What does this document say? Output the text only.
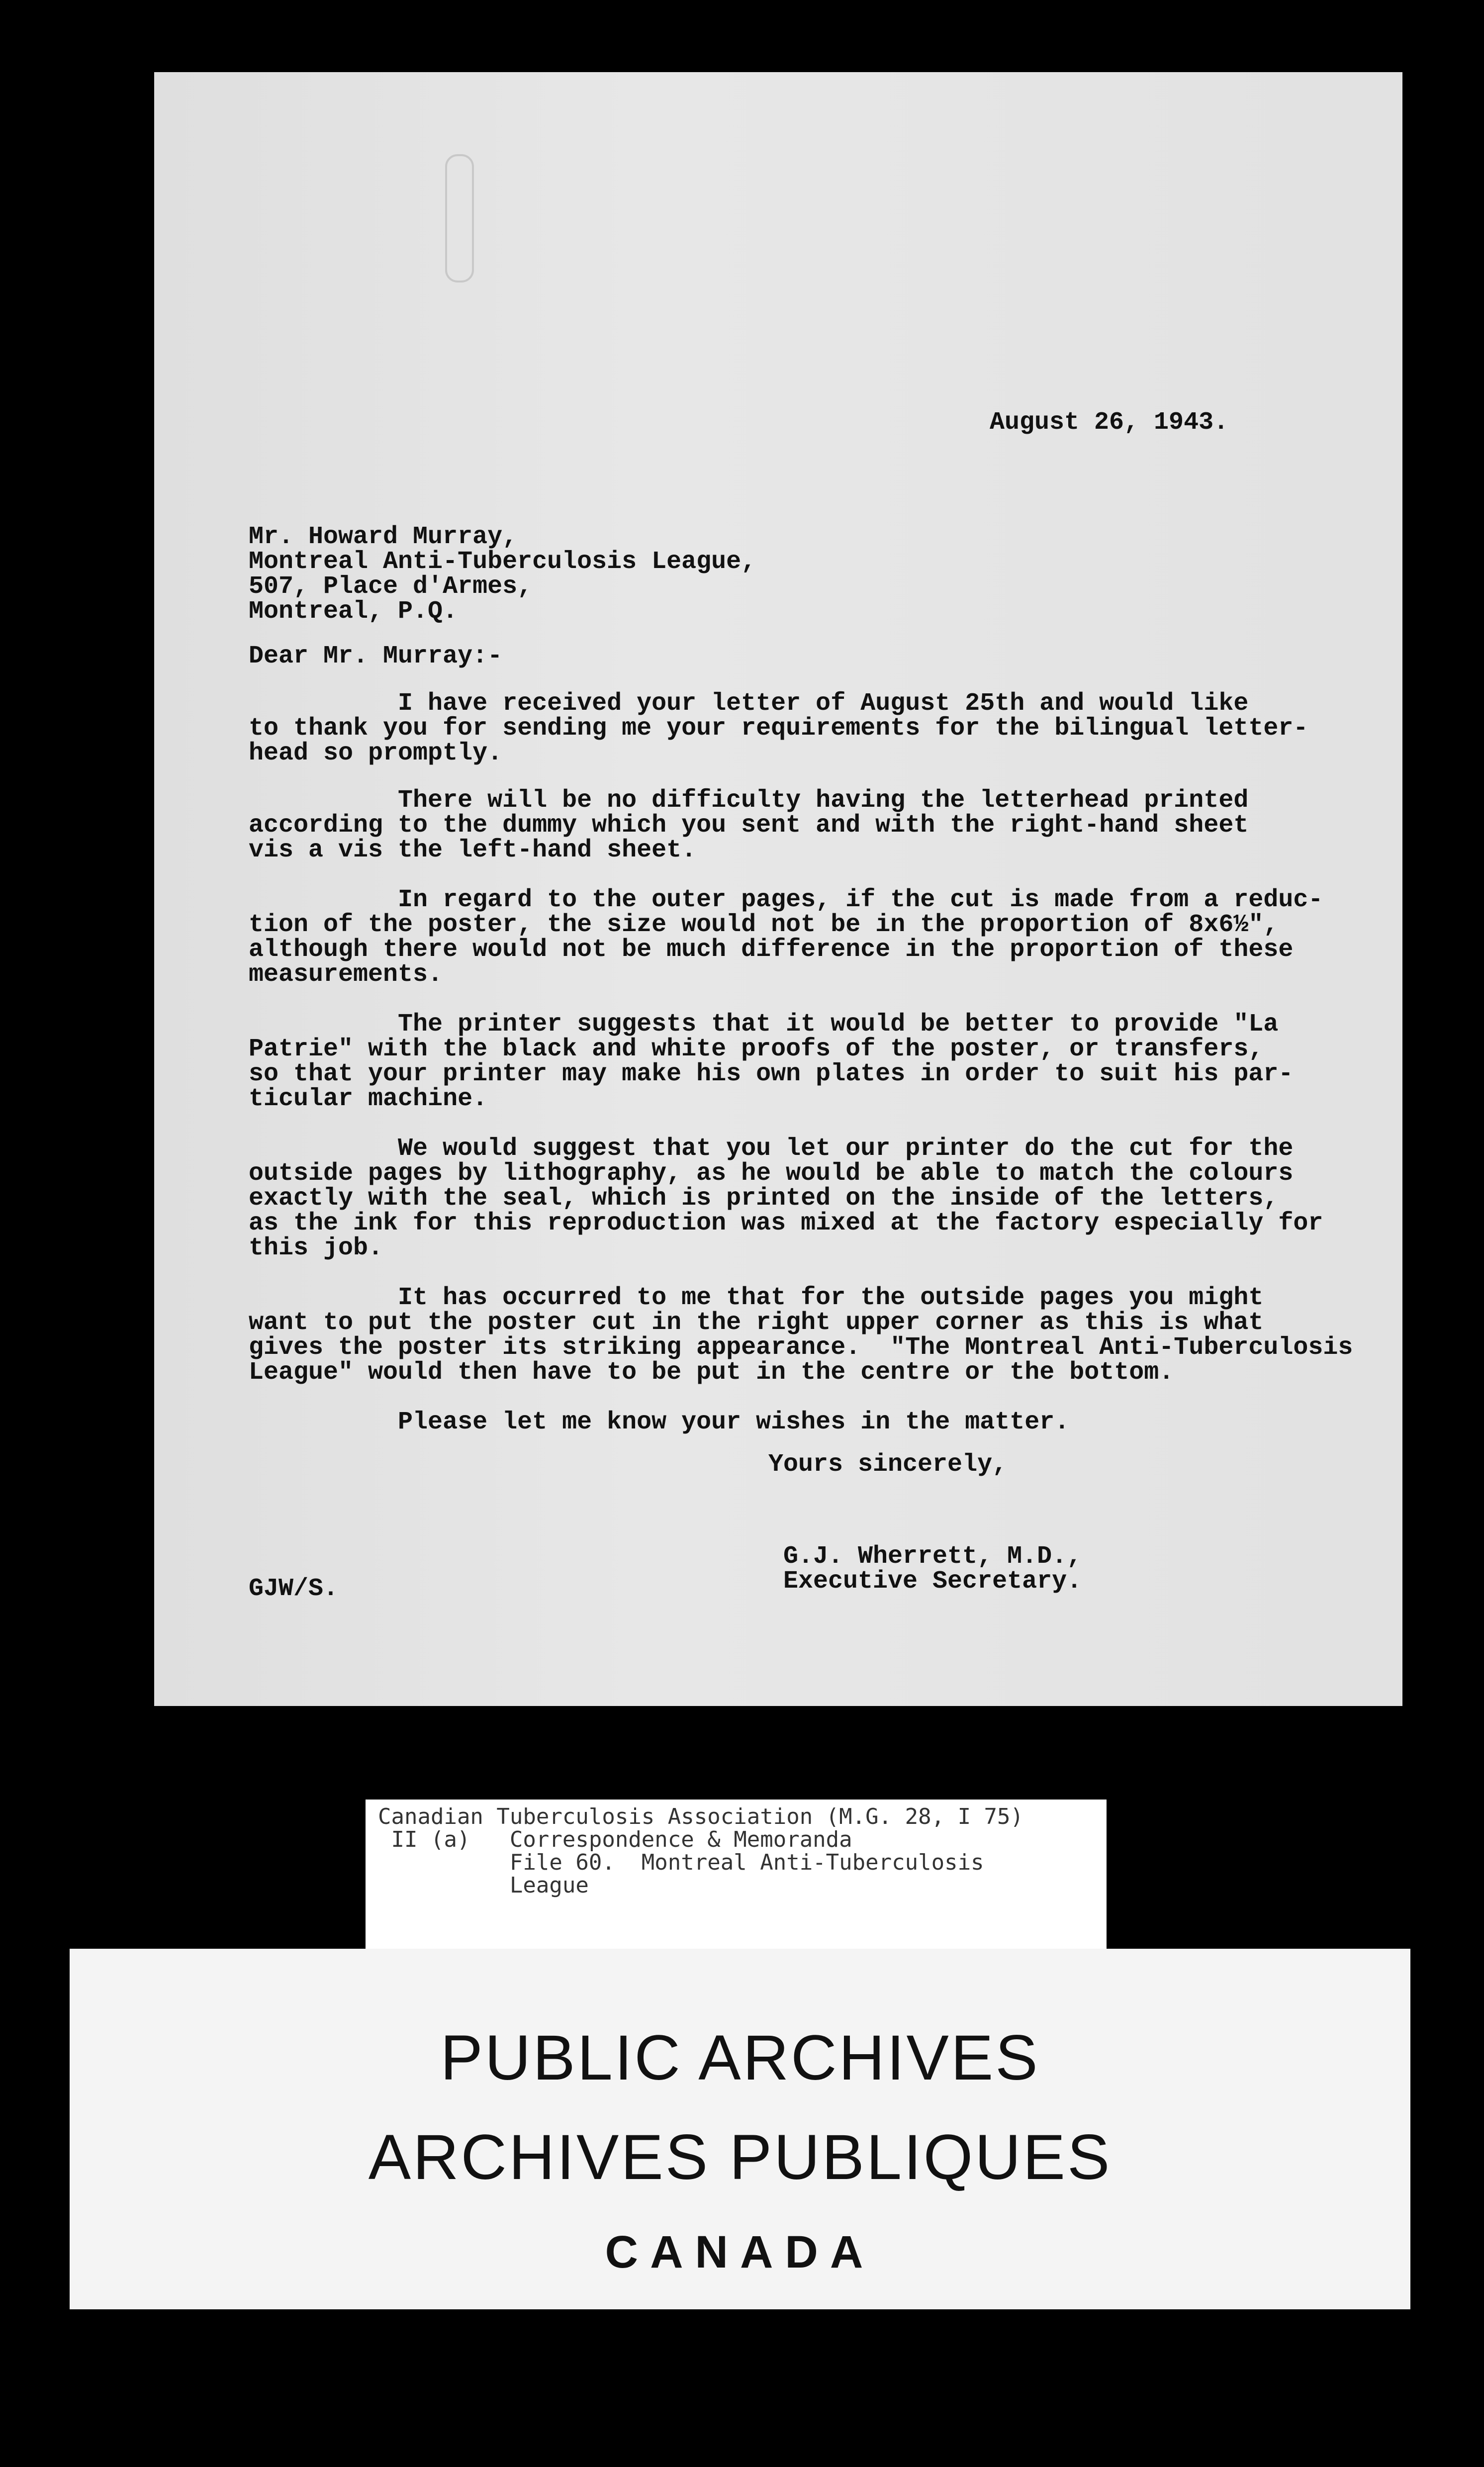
August 26, 1943.
Mr. Howard Murray,
Montreal Anti-Tuberculosis League,
507, Place d'Armes,
Montreal, P.Q.
Dear Mr. Murray:-
I have received your letter of August 25th and would like
to thank you for sending me your requirements for the bilingual letter-
head so promptly.
There will be no difficulty having the letterhead printed
according to the dummy which you sent and with the right-hand sheet
vis a vis the left-hand sheet.
In regard to the outer pages, if the cut is made from a reduc-
tion of the poster, the size would not be in the proportion of 8x6½",
although there would not be much difference in the proportion of these
measurements.
The printer suggests that it would be better to provide "La
Patrie" with the black and white proofs of the poster, or transfers,
so that your printer may make his own plates in order to suit his par-
ticular machine.
We would suggest that you let our printer do the cut for the
outside pages by lithography, as he would be able to match the colours
exactly with the seal, which is printed on the inside of the letters,
as the ink for this reproduction was mixed at the factory especially for
this job.
It has occurred to me that for the outside pages you might
want to put the poster cut in the right upper corner as this is what
gives the poster its striking appearance.  "The Montreal Anti-Tuberculosis
League" would then have to be put in the centre or the bottom.
Please let me know your wishes in the matter.
Yours sincerely,
G.J. Wherrett, M.D.,
Executive Secretary.
GJW/S.
Canadian Tuberculosis Association (M.G. 28, I 75)
II (a)   Correspondence & Memoranda
File 60.  Montreal Anti-Tuberculosis
League
PUBLIC ARCHIVES
ARCHIVES PUBLIQUES
CANADA
